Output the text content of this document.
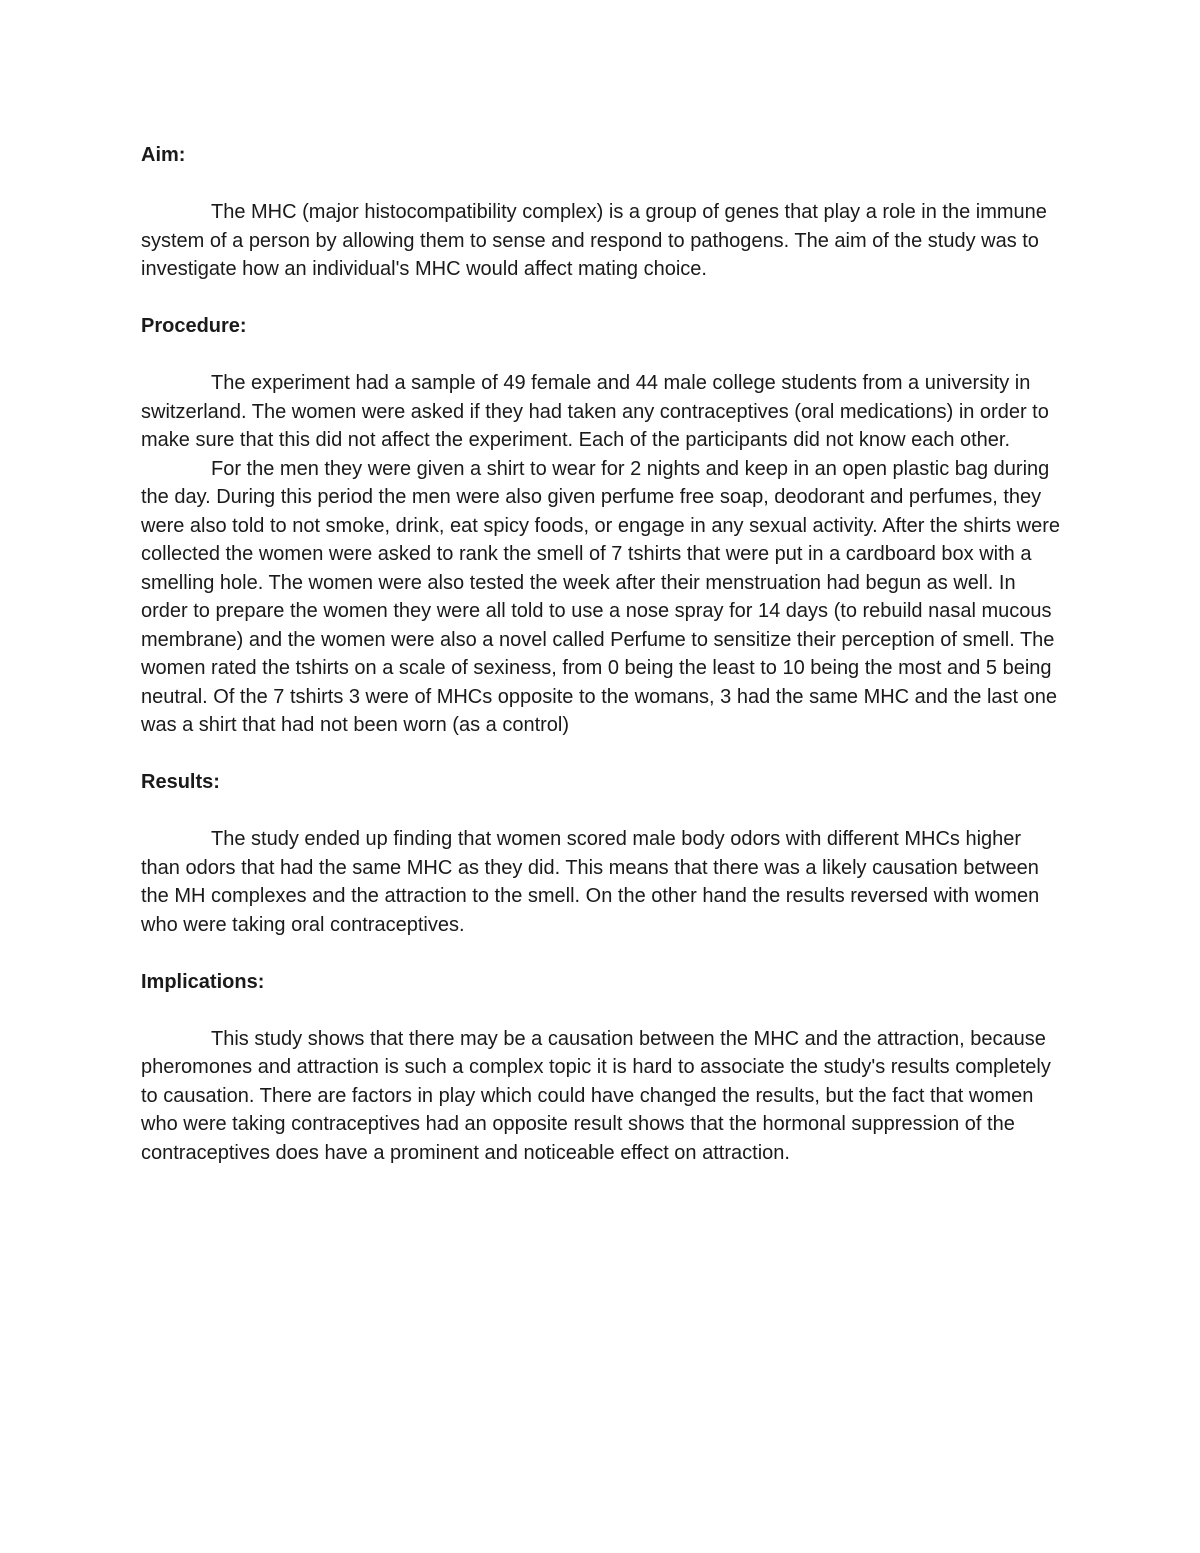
Aim:

The MHC (major histocompatibility complex) is a group of genes that play a role in the immune system of a person by allowing them to sense and respond to pathogens. The aim of the study was to investigate how an individual's MHC would affect mating choice.

Procedure:

The experiment had a sample of 49 female and 44 male college students from a university in switzerland. The women were asked if they had taken any contraceptives (oral medications) in order to make sure that this did not affect the experiment. Each of the participants did not know each other.

For the men they were given a shirt to wear for 2 nights and keep in an open plastic bag during the day. During this period the men were also given perfume free soap, deodorant and perfumes, they were also told to not smoke, drink, eat spicy foods, or engage in any sexual activity. After the shirts were collected the women were asked to rank the smell of 7 tshirts that were put in a cardboard box with a smelling hole. The women were also tested the week after their menstruation had begun as well. In order to prepare the women they were all told to use a nose spray for 14 days (to rebuild nasal mucous membrane) and the women were also a novel called Perfume to sensitize their perception of smell. The women rated the tshirts on a scale of sexiness, from 0 being the least to 10 being the most and 5 being neutral. Of the 7 tshirts 3 were of MHCs opposite to the womans, 3 had the same MHC and the last one was a shirt that had not been worn (as a control)

Results:

The study ended up finding that women scored male body odors with different MHCs higher than odors that had the same MHC as they did. This means that there was a likely causation between the MH complexes and the attraction to the smell. On the other hand the results reversed with women who were taking oral contraceptives.

Implications:

This study shows that there may be a causation between the MHC and the attraction, because pheromones and attraction is such a complex topic it is hard to associate the study's results completely to causation. There are factors in play which could have changed the results, but the fact that women who were taking contraceptives had an opposite result shows that the hormonal suppression of the contraceptives does have a prominent and noticeable effect on attraction.
